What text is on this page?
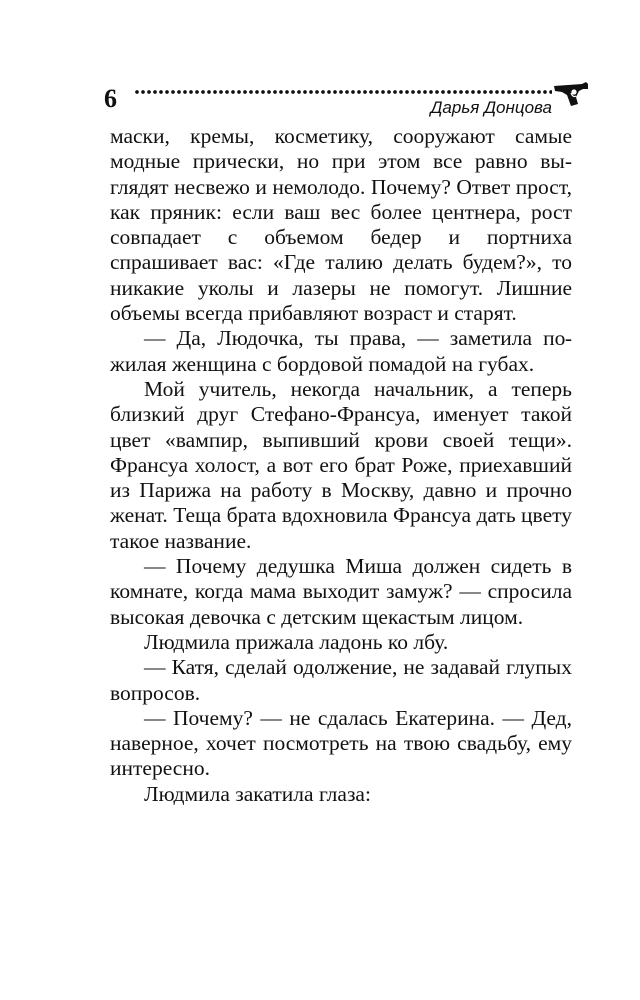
6	Дарья Донцова

маски, кремы, косметику, сооружают самые модные прически, но при этом все равно выглядят несвежо и немолодо. Почему? Ответ прост, как пряник: если ваш вес более центнера, рост совпадает с объемом бедер и портниха спрашивает вас: «Где талию делать будем?», то никакие уколы и лазеры не помогут. Лишние объемы всегда прибавляют возраст и старят.

— Да, Людочка, ты права, — заметила пожилая женщина с бордовой помадой на губах.

Мой учитель, некогда начальник, а теперь близкий друг Стефано-Франсуа, именует такой цвет «вампир, выпивший крови своей тещи». Франсуа холост, а вот его брат Роже, приехавший из Парижа на работу в Москву, давно и прочно женат. Теща брата вдохновила Франсуа дать цвету такое название.

— Почему дедушка Миша должен сидеть в комнате, когда мама выходит замуж? — спросила высокая девочка с детским щекастым лицом.

Людмила прижала ладонь ко лбу.

— Катя, сделай одолжение, не задавай глупых вопросов.

— Почему? — не сдалась Екатерина. — Дед, наверное, хочет посмотреть на твою свадьбу, ему интересно.

Людмила закатила глаза:
